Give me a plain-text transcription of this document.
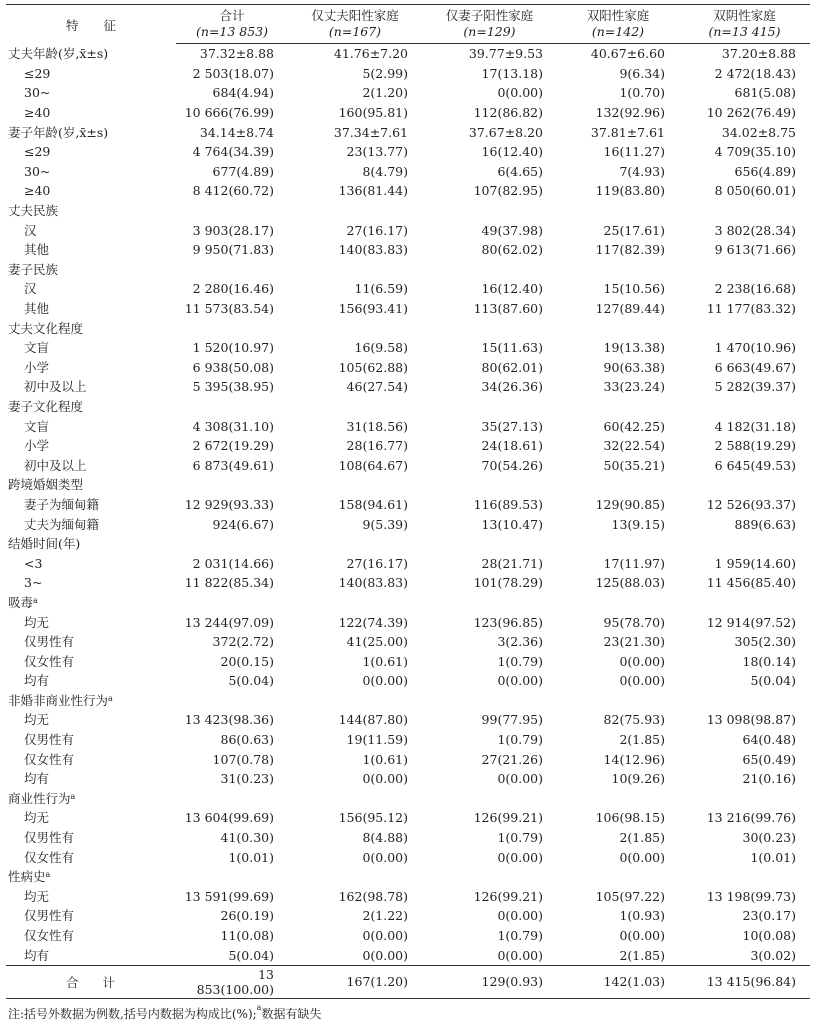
特　　征	合计	仅丈夫阳性家庭	仅妻子阳性家庭	双阳性家庭	双阴性家庭
	(n=13 853)	(n=167)	(n=129)	(n=142)	(n=13 415)
丈夫年龄(岁,x̄±s)	37.32±8.88	41.76±7.20	39.77±9.53	40.67±6.60	37.20±8.88
≤29	2 503(18.07)	5(2.99)	17(13.18)	9(6.34)	2 472(18.43)
30~	684(4.94)	2(1.20)	0(0.00)	1(0.70)	681(5.08)
≥40	10 666(76.99)	160(95.81)	112(86.82)	132(92.96)	10 262(76.49)
妻子年龄(岁,x̄±s)	34.14±8.74	37.34±7.61	37.67±8.20	37.81±7.61	34.02±8.75
≤29	4 764(34.39)	23(13.77)	16(12.40)	16(11.27)	4 709(35.10)
30~	677(4.89)	8(4.79)	6(4.65)	7(4.93)	656(4.89)
≥40	8 412(60.72)	136(81.44)	107(82.95)	119(83.80)	8 050(60.01)
丈夫民族					
汉	3 903(28.17)	27(16.17)	49(37.98)	25(17.61)	3 802(28.34)
其他	9 950(71.83)	140(83.83)	80(62.02)	117(82.39)	9 613(71.66)
妻子民族					
汉	2 280(16.46)	11(6.59)	16(12.40)	15(10.56)	2 238(16.68)
其他	11 573(83.54)	156(93.41)	113(87.60)	127(89.44)	11 177(83.32)
丈夫文化程度					
文盲	1 520(10.97)	16(9.58)	15(11.63)	19(13.38)	1 470(10.96)
小学	6 938(50.08)	105(62.88)	80(62.01)	90(63.38)	6 663(49.67)
初中及以上	5 395(38.95)	46(27.54)	34(26.36)	33(23.24)	5 282(39.37)
妻子文化程度					
文盲	4 308(31.10)	31(18.56)	35(27.13)	60(42.25)	4 182(31.18)
小学	2 672(19.29)	28(16.77)	24(18.61)	32(22.54)	2 588(19.29)
初中及以上	6 873(49.61)	108(64.67)	70(54.26)	50(35.21)	6 645(49.53)
跨境婚姻类型					
妻子为缅甸籍	12 929(93.33)	158(94.61)	116(89.53)	129(90.85)	12 526(93.37)
丈夫为缅甸籍	924(6.67)	9(5.39)	13(10.47)	13(9.15)	889(6.63)
结婚时间(年)					
<3	2 031(14.66)	27(16.17)	28(21.71)	17(11.97)	1 959(14.60)
3~	11 822(85.34)	140(83.83)	101(78.29)	125(88.03)	11 456(85.40)
吸毒$^a$					
均无	13 244(97.09)	122(74.39)	123(96.85)	95(78.70)	12 914(97.52)
仅男性有	372(2.72)	41(25.00)	3(2.36)	23(21.30)	305(2.30)
仅女性有	20(0.15)	1(0.61)	1(0.79)	0(0.00)	18(0.14)
均有	5(0.04)	0(0.00)	0(0.00)	0(0.00)	5(0.04)
非婚非商业性行为$^a$					
均无	13 423(98.36)	144(87.80)	99(77.95)	82(75.93)	13 098(98.87)
仅男性有	86(0.63)	19(11.59)	1(0.79)	2(1.85)	64(0.48)
仅女性有	107(0.78)	1(0.61)	27(21.26)	14(12.96)	65(0.49)
均有	31(0.23)	0(0.00)	0(0.00)	10(9.26)	21(0.16)
商业性行为$^a$					
均无	13 604(99.69)	156(95.12)	126(99.21)	106(98.15)	13 216(99.76)
仅男性有	41(0.30)	8(4.88)	1(0.79)	2(1.85)	30(0.23)
仅女性有	1(0.01)	0(0.00)	0(0.00)	0(0.00)	1(0.01)
性病史$^a$					
均无	13 591(99.69)	162(98.78)	126(99.21)	105(97.22)	13 198(99.73)
仅男性有	26(0.19)	2(1.22)	0(0.00)	1(0.93)	23(0.17)
仅女性有	11(0.08)	0(0.00)	1(0.79)	0(0.00)	10(0.08)
均有	5(0.04)	0(0.00)	0(0.00)	2(1.85)	3(0.02)
合计	13 853(100.00)	167(1.20)	129(0.93)	142(1.03)	13 415(96.84)
注:括号外数据为例数,括号内数据为构成比(%);$^a$数据有缺失
